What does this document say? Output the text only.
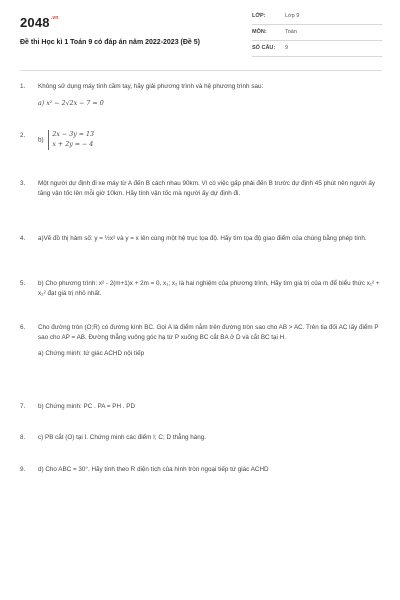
$2048^{.vn}$
Đề thi Học kì 1 Toán 9 có đáp án năm 2022-2023 (Đề 5)
LỚP:	Lớp 9
MÔN:	Toán
SỐ CÂU: 9
1. Không sử dụng máy tính cầm tay, hãy giải phương trình và hệ phương trình sau:
a) x² − 2√2x − 7 = 0
2.
b) 2x − 3y = 13
x + 2y = − 4
3. Một người dự định đi xe máy từ A đến B cách nhau 90km. Vì có việc gấp phải đến B trước dự định 45 phút nên người ấy tăng vận tốc lên mỗi giờ 10km. Hãy tính vận tốc mà người ấy dự định đi.
4. a)Vẽ đồ thị hàm số: y = ½x² và y = x lên cùng một hệ trục tọa độ. Hãy tìm tọa độ giao điểm của chúng bằng phép tính.
5. b) Cho phương trình: x² - 2(m+1)x + 2m = 0, x₁; x₂ là hai nghiệm của phương trình, Hãy tìm giá trị của m để biểu thức x₁² + x₂² đạt giá trị nhỏ nhất.
6. Cho đường tròn (O;R) có đường kính BC. Gọi A là điểm nằm trên đường tròn sao cho AB > AC. Trên tia đối AC lấy điểm P sao cho AP = AB. Đường thẳng vuông góc hạ từ P xuống BC cắt BA ở D và cắt BC tại H.
a) Chứng minh: tứ giác ACHD nội tiếp
7. b) Chứng minh: PC . PA = PH . PD
8. c) PB cắt (O) tại I. Chứng minh các điểm I; C; D thẳng hàng.
9. d) Cho ABC = 30°. Hãy tính theo R diện tích của hình tròn ngoại tiếp tứ giác ACHD
